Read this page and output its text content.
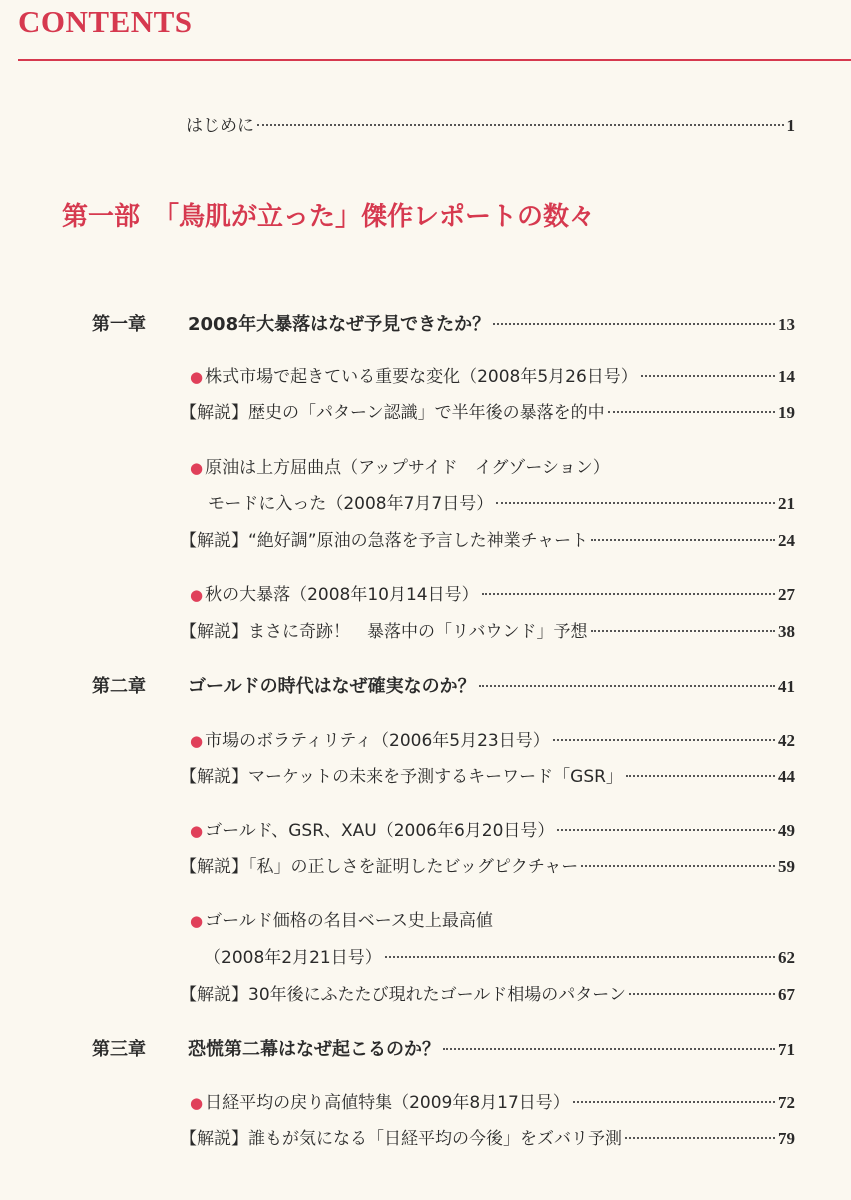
CONTENTS
第一部　「鳥肌が立った」傑作レポートの数々
はじめに	1
第一章 2008年大暴落はなぜ予見できたか？	13
● 株式市場で起きている重要な変化（2008年5月26日号）	14
【解説】歴史の「パターン認識」で半年後の暴落を的中	19
● 原油は上方屈曲点（アップサイド　イグゾーション）
モードに入った（2008年7月7日号）	21
【解説】“絶好調”原油の急落を予言した神業チャート	24
● 秋の大暴落（2008年10月14日号）	27
【解説】まさに奇跡！　暴落中の「リバウンド」予想	38
第二章 ゴールドの時代はなぜ確実なのか？	41
● 市場のボラティリティ（2006年5月23日号）	42
【解説】マーケットの未来を予測するキーワード「GSR」	44
● ゴールド、GSR、XAU（2006年6月20日号）	49
【解説】「私」の正しさを証明したビッグピクチャー	59
● ゴールド価格の名目ベース史上最高値
（2008年2月21日号）	62
【解説】30年後にふたたび現れたゴールド相場のパターン	67
第三章 恐慌第二幕はなぜ起こるのか？	71
● 日経平均の戻り高値特集（2009年8月17日号）	72
【解説】誰もが気になる「日経平均の今後」をズバリ予測	79
